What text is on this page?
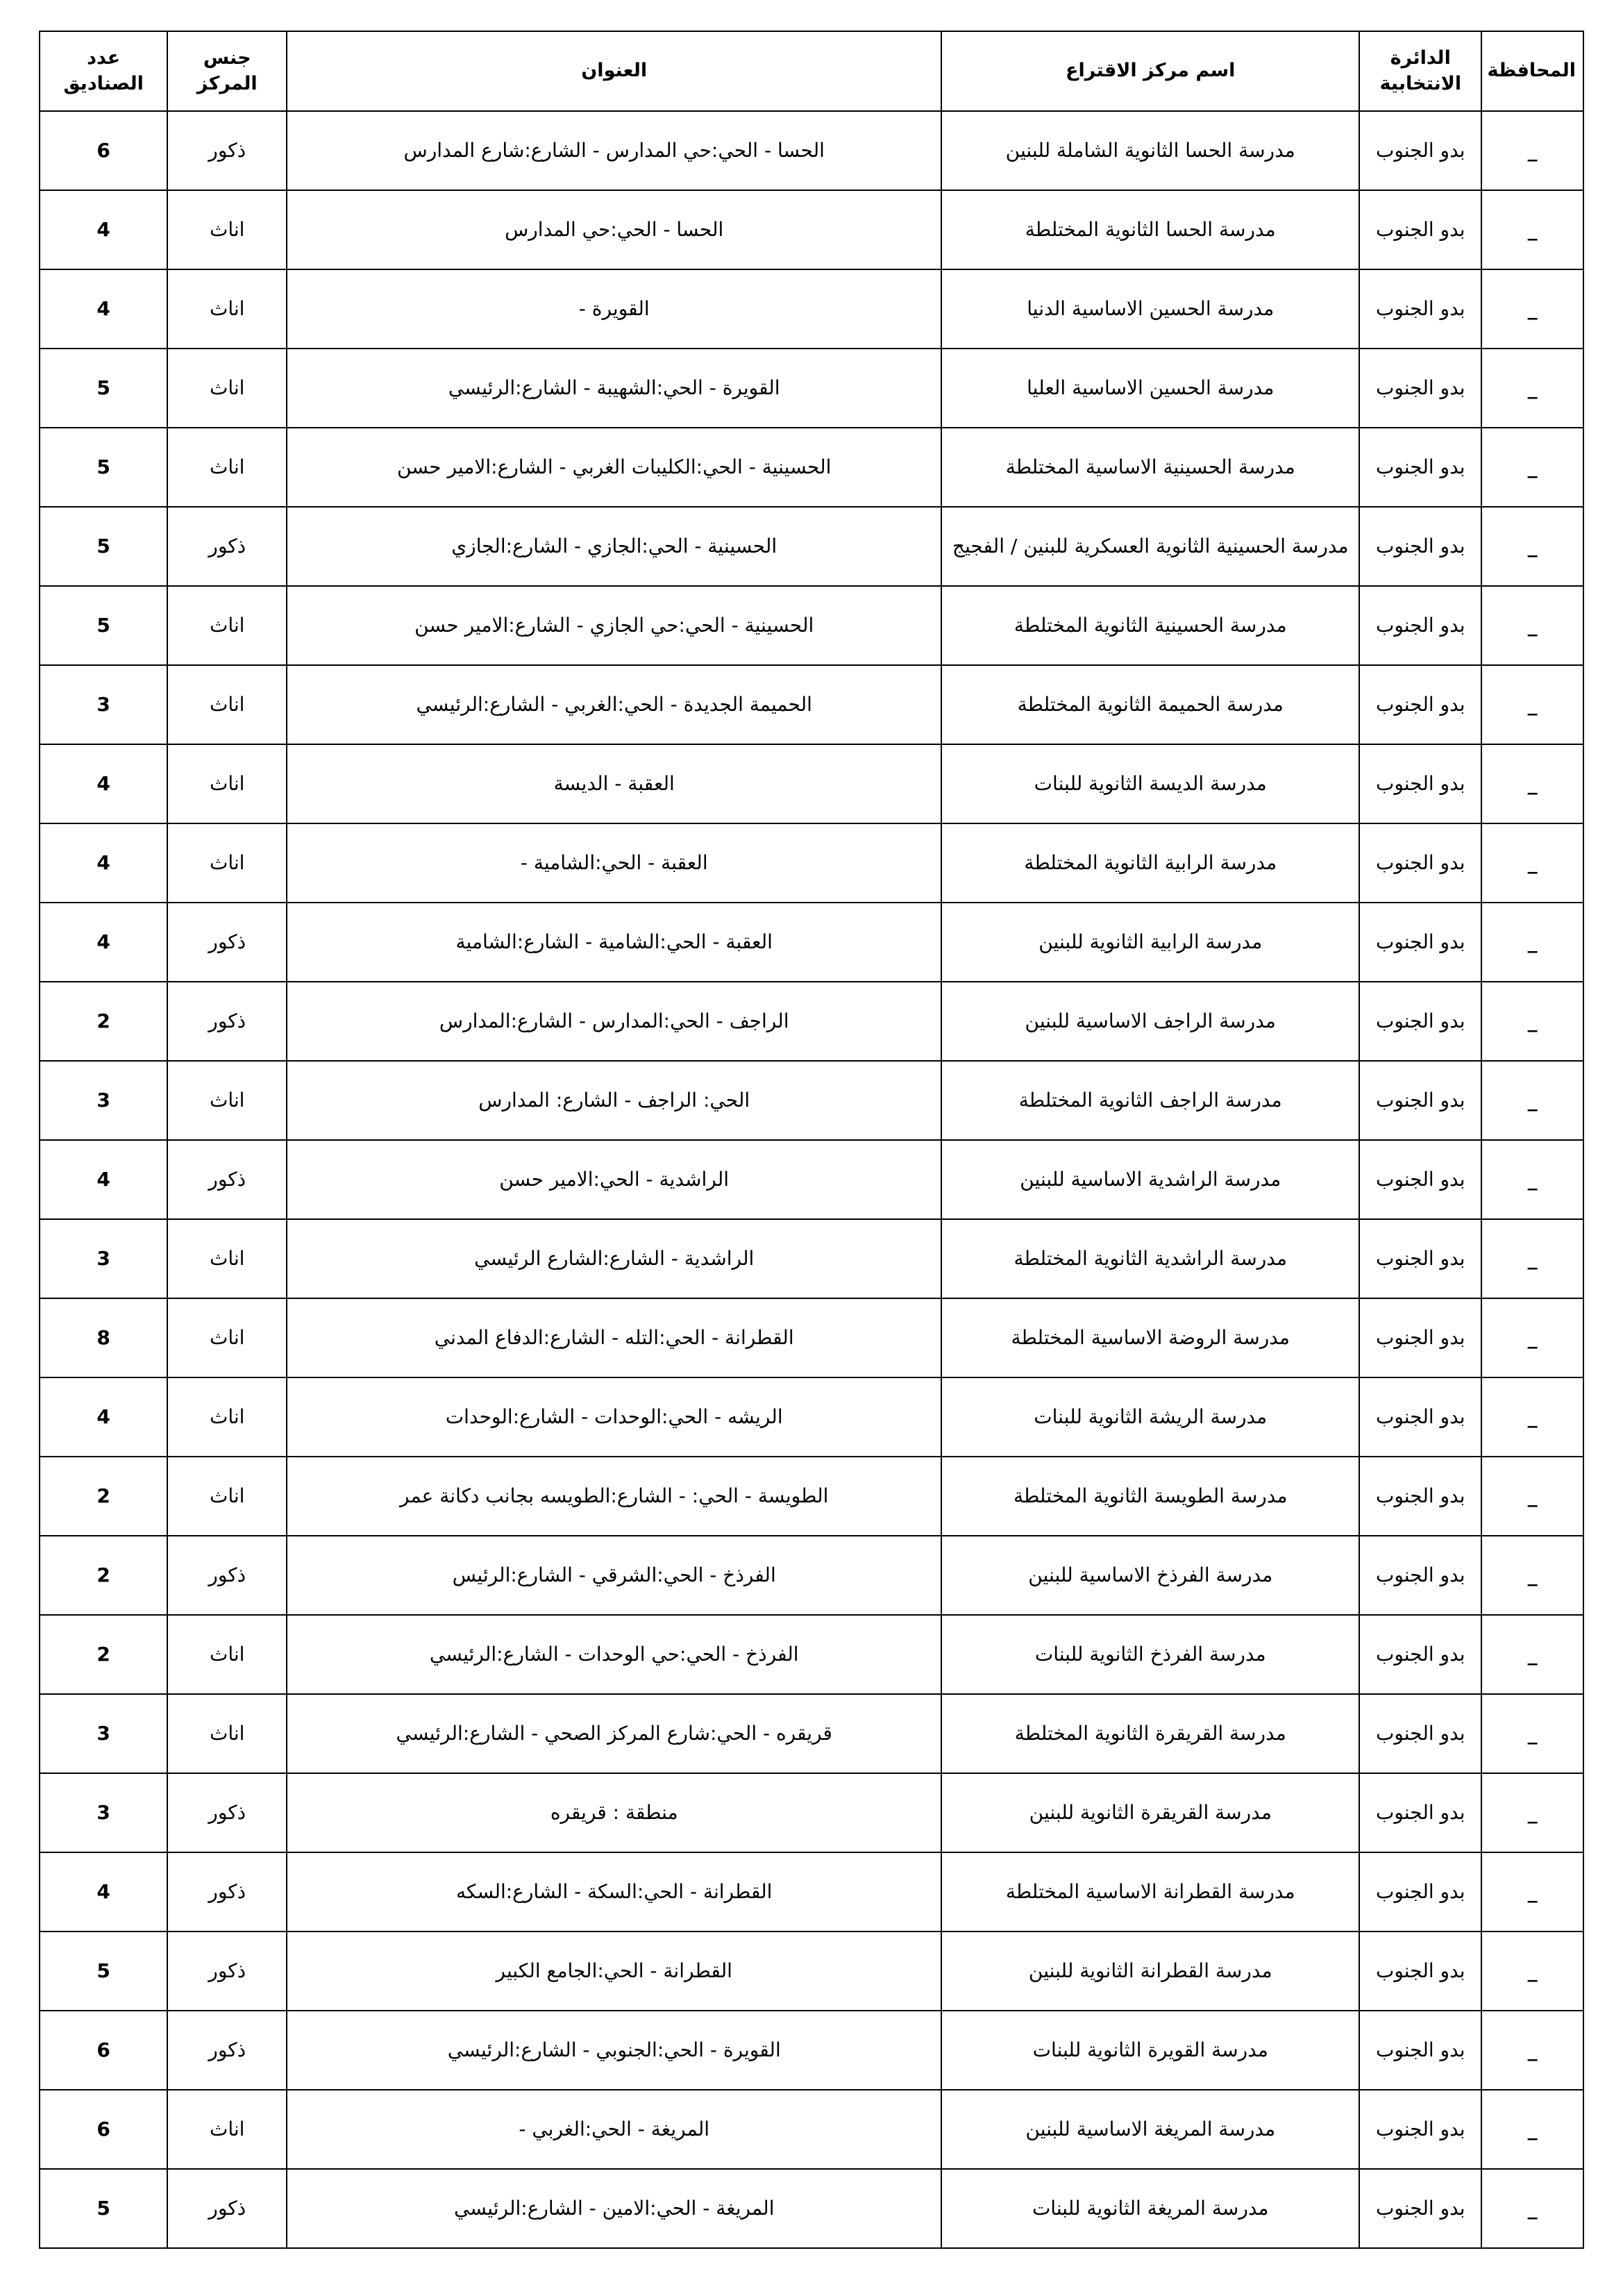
المحافظة	الدائرة الانتخابية	اسم مركز الاقتراع	العنوان	جنس المركز	عدد الصناديق
_	بدو الجنوب	مدرسة الحسا الثانوية الشاملة للبنين	الحسا - الحي:حي المدارس - الشارع:شارع المدارس	ذكور	6
_	بدو الجنوب	مدرسة الحسا الثانوية المختلطة	الحسا - الحي:حي المدارس	اناث	4
_	بدو الجنوب	مدرسة الحسين الاساسية الدنيا	القويرة -	اناث	4
_	بدو الجنوب	مدرسة الحسين الاساسية العليا	القويرة - الحي:الشهيبة - الشارع:الرئيسي	اناث	5
_	بدو الجنوب	مدرسة الحسينية الاساسية المختلطة	الحسينية - الحي:الكليبات الغربي - الشارع:الامير حسن	اناث	5
_	بدو الجنوب	مدرسة الحسينية الثانوية العسكرية للبنين / الفجيج	الحسينية - الحي:الجازي - الشارع:الجازي	ذكور	5
_	بدو الجنوب	مدرسة الحسينية الثانوية المختلطة	الحسينية - الحي:حي الجازي - الشارع:الامير حسن	اناث	5
_	بدو الجنوب	مدرسة الحميمة الثانوية المختلطة	الحميمة الجديدة - الحي:الغربي - الشارع:الرئيسي	اناث	3
_	بدو الجنوب	مدرسة الديسة الثانوية للبنات	العقبة - الديسة	اناث	4
_	بدو الجنوب	مدرسة الرابية الثانوية المختلطة	العقبة - الحي:الشامية -	اناث	4
_	بدو الجنوب	مدرسة الرابية الثانوية للبنين	العقبة - الحي:الشامية - الشارع:الشامية	ذكور	4
_	بدو الجنوب	مدرسة الراجف الاساسية للبنين	الراجف - الحي:المدارس - الشارع:المدارس	ذكور	2
_	بدو الجنوب	مدرسة الراجف الثانوية المختلطة	الحي: الراجف - الشارع: المدارس	اناث	3
_	بدو الجنوب	مدرسة الراشدية الاساسية للبنين	الراشدية - الحي:الامير حسن	ذكور	4
_	بدو الجنوب	مدرسة الراشدية الثانوية المختلطة	الراشدية - الشارع:الشارع الرئيسي	اناث	3
_	بدو الجنوب	مدرسة الروضة الاساسية المختلطة	القطرانة - الحي:التله - الشارع:الدفاع المدني	اناث	8
_	بدو الجنوب	مدرسة الريشة الثانوية للبنات	الريشه - الحي:الوحدات - الشارع:الوحدات	اناث	4
_	بدو الجنوب	مدرسة الطويسة الثانوية المختلطة	الطويسة - الحي: - الشارع:الطويسه بجانب دكانة عمر	اناث	2
_	بدو الجنوب	مدرسة الفرذخ الاساسية للبنين	الفرذخ - الحي:الشرقي - الشارع:الرئيس	ذكور	2
_	بدو الجنوب	مدرسة الفرذخ الثانوية للبنات	الفرذخ - الحي:حي الوحدات - الشارع:الرئيسي	اناث	2
_	بدو الجنوب	مدرسة القريقرة الثانوية المختلطة	قريقره - الحي:شارع المركز الصحي - الشارع:الرئيسي	اناث	3
_	بدو الجنوب	مدرسة القريقرة الثانوية للبنين	منطقة : قريقره	ذكور	3
_	بدو الجنوب	مدرسة القطرانة الاساسية المختلطة	القطرانة - الحي:السكة - الشارع:السكه	ذكور	4
_	بدو الجنوب	مدرسة القطرانة الثانوية للبنين	القطرانة - الحي:الجامع الكبير	ذكور	5
_	بدو الجنوب	مدرسة القويرة الثانوية للبنات	القويرة - الحي:الجنوبي - الشارع:الرئيسي	ذكور	6
_	بدو الجنوب	مدرسة المريغة الاساسية للبنين	المريغة - الحي:الغربي -	اناث	6
_	بدو الجنوب	مدرسة المريغة الثانوية للبنات	المريغة - الحي:الامين - الشارع:الرئيسي	ذكور	5
